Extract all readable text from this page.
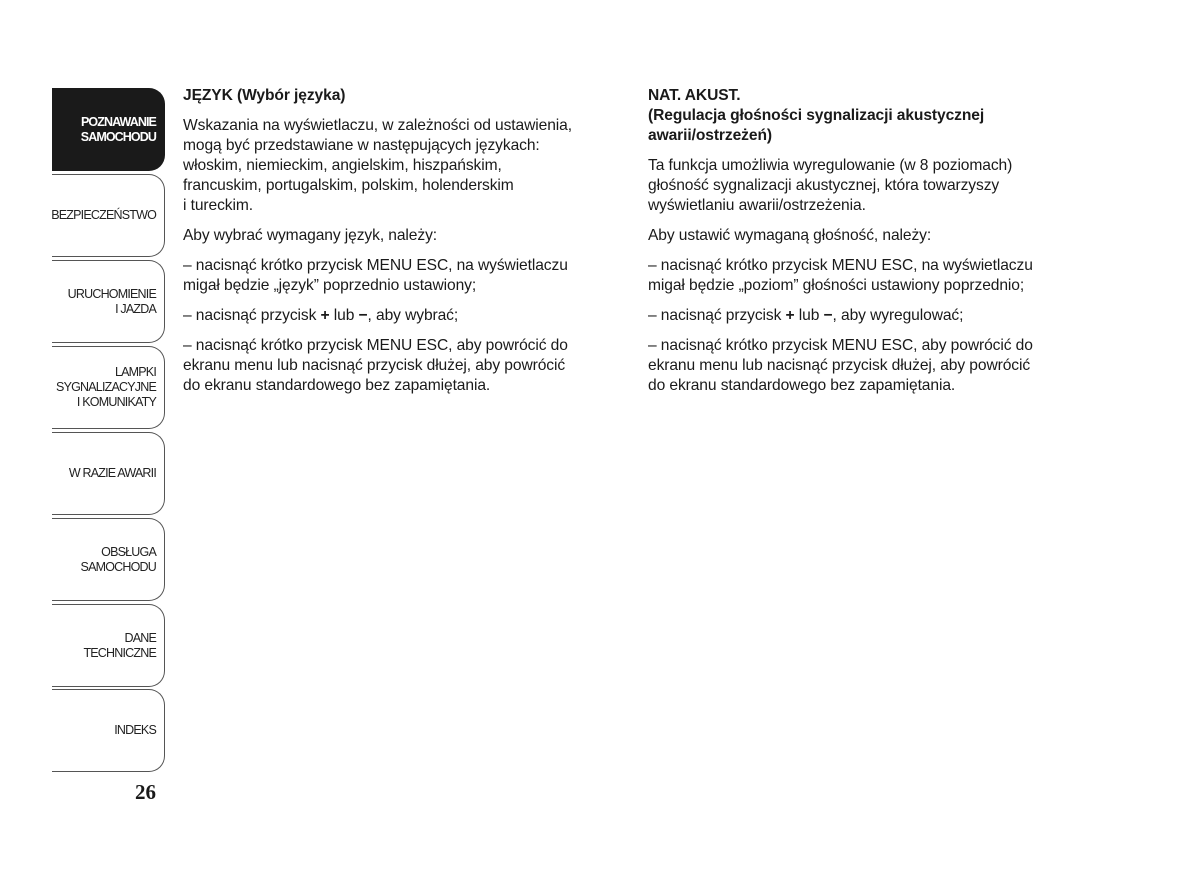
POZNAWANIE
SAMOCHODU
BEZPIECZEŃSTWO
URUCHOMIENIE
I JAZDA
LAMPKI
SYGNALIZACYJNE
I KOMUNIKATY
W RAZIE AWARII
OBSŁUGA
SAMOCHODU
DANE
TECHNICZNE
INDEKS
26
JĘZYK (Wybór języka)

Wskazania na wyświetlaczu, w zależności od ustawienia,
mogą być przedstawiane w następujących językach:
włoskim, niemieckim, angielskim, hiszpańskim,
francuskim, portugalskim, polskim, holenderskim
i tureckim.

Aby wybrać wymagany język, należy:

– nacisnąć krótko przycisk MENU ESC, na wyświetlaczu
migał będzie „język” poprzednio ustawiony;

– nacisnąć przycisk + lub −, aby wybrać;

– nacisnąć krótko przycisk MENU ESC, aby powrócić do
ekranu menu lub nacisnąć przycisk dłużej, aby powrócić
do ekranu standardowego bez zapamiętania.

NAT. AKUST.
(Regulacja głośności sygnalizacji akustycznej
awarii/ostrzeżeń)

Ta funkcja umożliwia wyregulowanie (w 8 poziomach)
głośność sygnalizacji akustycznej, która towarzyszy
wyświetlaniu awarii/ostrzeżenia.

Aby ustawić wymaganą głośność, należy:

– nacisnąć krótko przycisk MENU ESC, na wyświetlaczu
migał będzie „poziom” głośności ustawiony poprzednio;

– nacisnąć przycisk + lub −, aby wyregulować;

– nacisnąć krótko przycisk MENU ESC, aby powrócić do
ekranu menu lub nacisnąć przycisk dłużej, aby powrócić
do ekranu standardowego bez zapamiętania.
